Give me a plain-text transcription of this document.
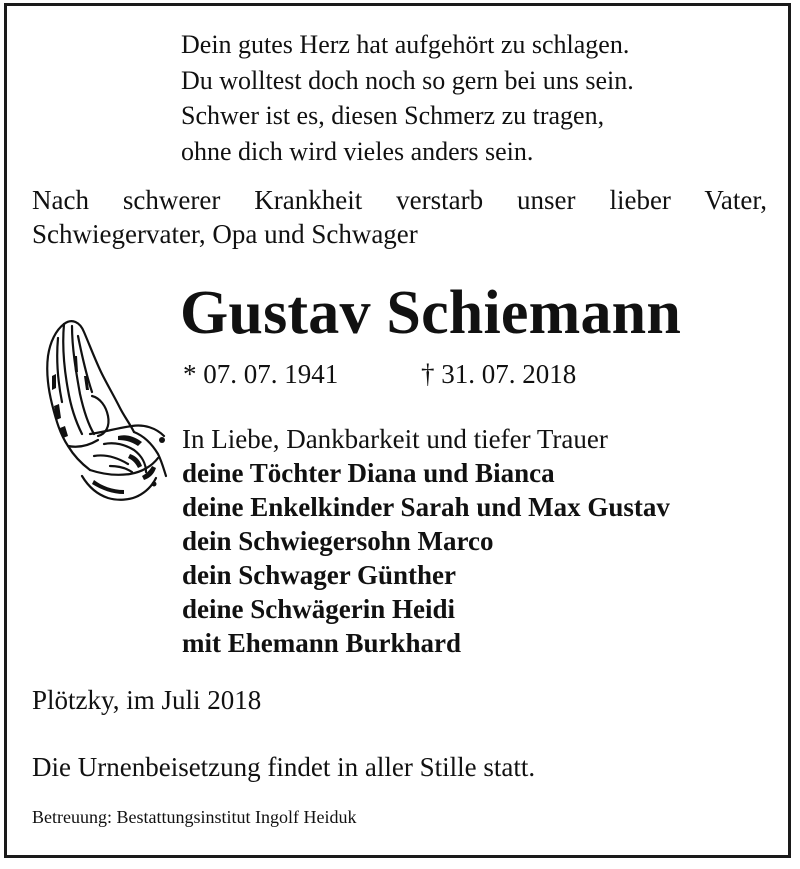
Dein gutes Herz hat aufgehört zu schlagen.
Du wolltest doch noch so gern bei uns sein.
Schwer ist es, diesen Schmerz zu tragen,
ohne dich wird vieles anders sein.
Nach schwerer Krankheit verstarb unser lieber Vater,
Schwiegervater, Opa und Schwager
Gustav Schiemann
* 07. 07. 1941	† 31. 07. 2018
In Liebe, Dankbarkeit und tiefer Trauer
deine Töchter Diana und Bianca
deine Enkelkinder Sarah und Max Gustav
dein Schwiegersohn Marco
dein Schwager Günther
deine Schwägerin Heidi
mit Ehemann Burkhard
Plötzky, im Juli 2018
Die Urnenbeisetzung findet in aller Stille statt.
Betreuung: Bestattungsinstitut Ingolf Heiduk
